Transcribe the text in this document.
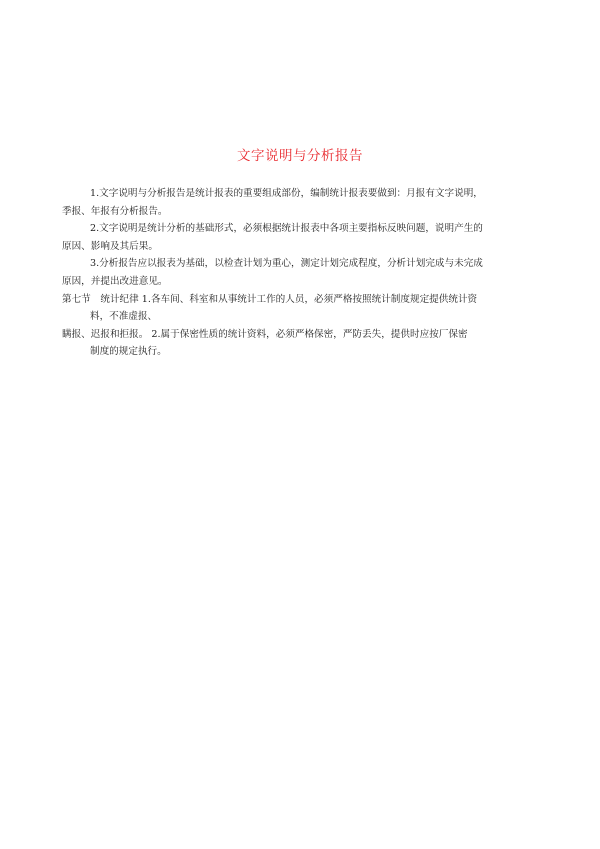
文字说明与分析报告

1.文字说明与分析报告是统计报表的重要组成部份，编制统计报表要做到：月报有文字说明，

季报、年报有分析报告。

2.文字说明是统计分析的基础形式，必须根据统计报表中各项主要指标反映问题，说明产生的

原因、影响及其后果。

3.分析报告应以报表为基础，以检查计划为重心，测定计划完成程度，分析计划完成与未完成

原因，并提出改进意见。

第七节　统计纪律 1.各车间、科室和从事统计工作的人员，必须严格按照统计制度规定提供统计资

料，不准虚报、

瞒报、迟报和拒报。 2.属于保密性质的统计资料，必须严格保密，严防丢失，提供时应按厂保密

制度的规定执行。
